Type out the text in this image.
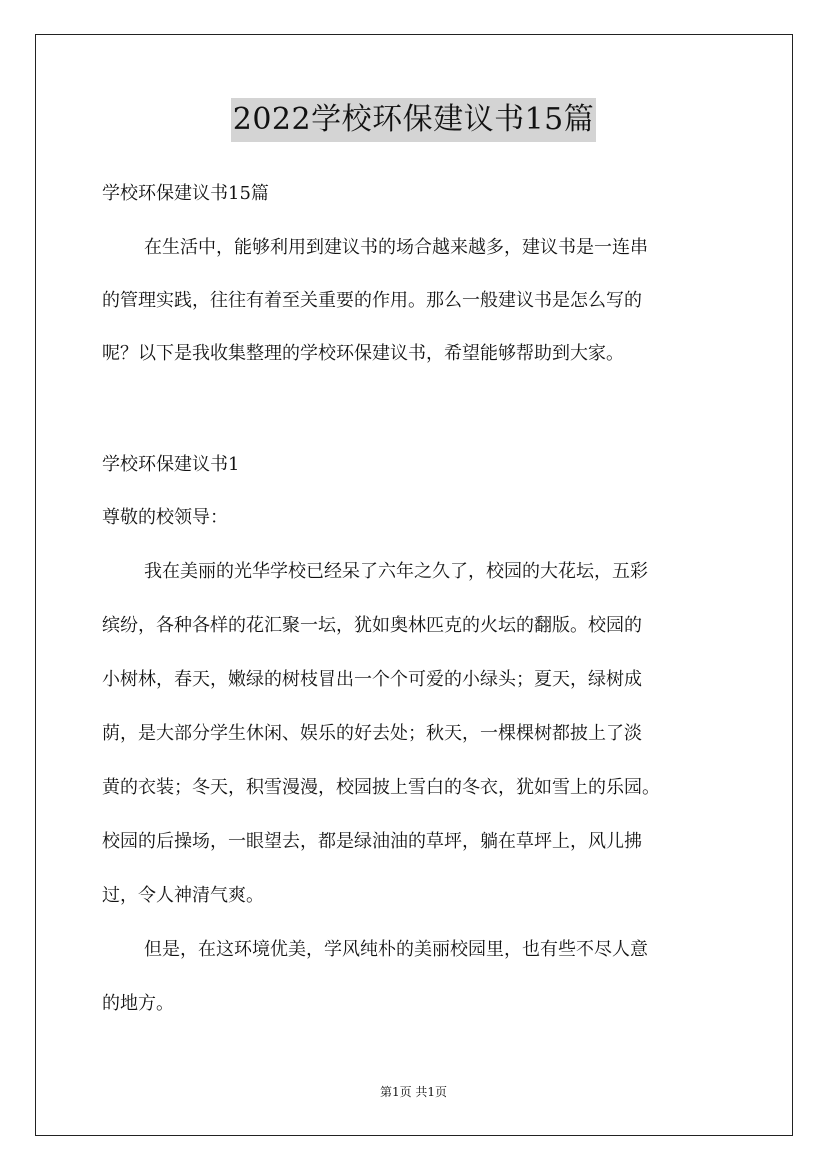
2022学校环保建议书15篇
学校环保建议书15篇
在生活中，能够利用到建议书的场合越来越多，建议书是一连串
的管理实践，往往有着至关重要的作用。那么一般建议书是怎么写的
呢？以下是我收集整理的学校环保建议书，希望能够帮助到大家。
学校环保建议书1
尊敬的校领导：
我在美丽的光华学校已经呆了六年之久了，校园的大花坛，五彩
缤纷，各种各样的花汇聚一坛，犹如奥林匹克的火坛的翻版。校园的
小树林，春天，嫩绿的树枝冒出一个个可爱的小绿头；夏天，绿树成
荫，是大部分学生休闲、娱乐的好去处；秋天，一棵棵树都披上了淡
黄的衣装；冬天，积雪漫漫，校园披上雪白的冬衣，犹如雪上的乐园。
校园的后操场，一眼望去，都是绿油油的草坪，躺在草坪上，风儿拂
过，令人神清气爽。
但是，在这环境优美，学风纯朴的美丽校园里，也有些不尽人意
的地方。
第1页 共1页
